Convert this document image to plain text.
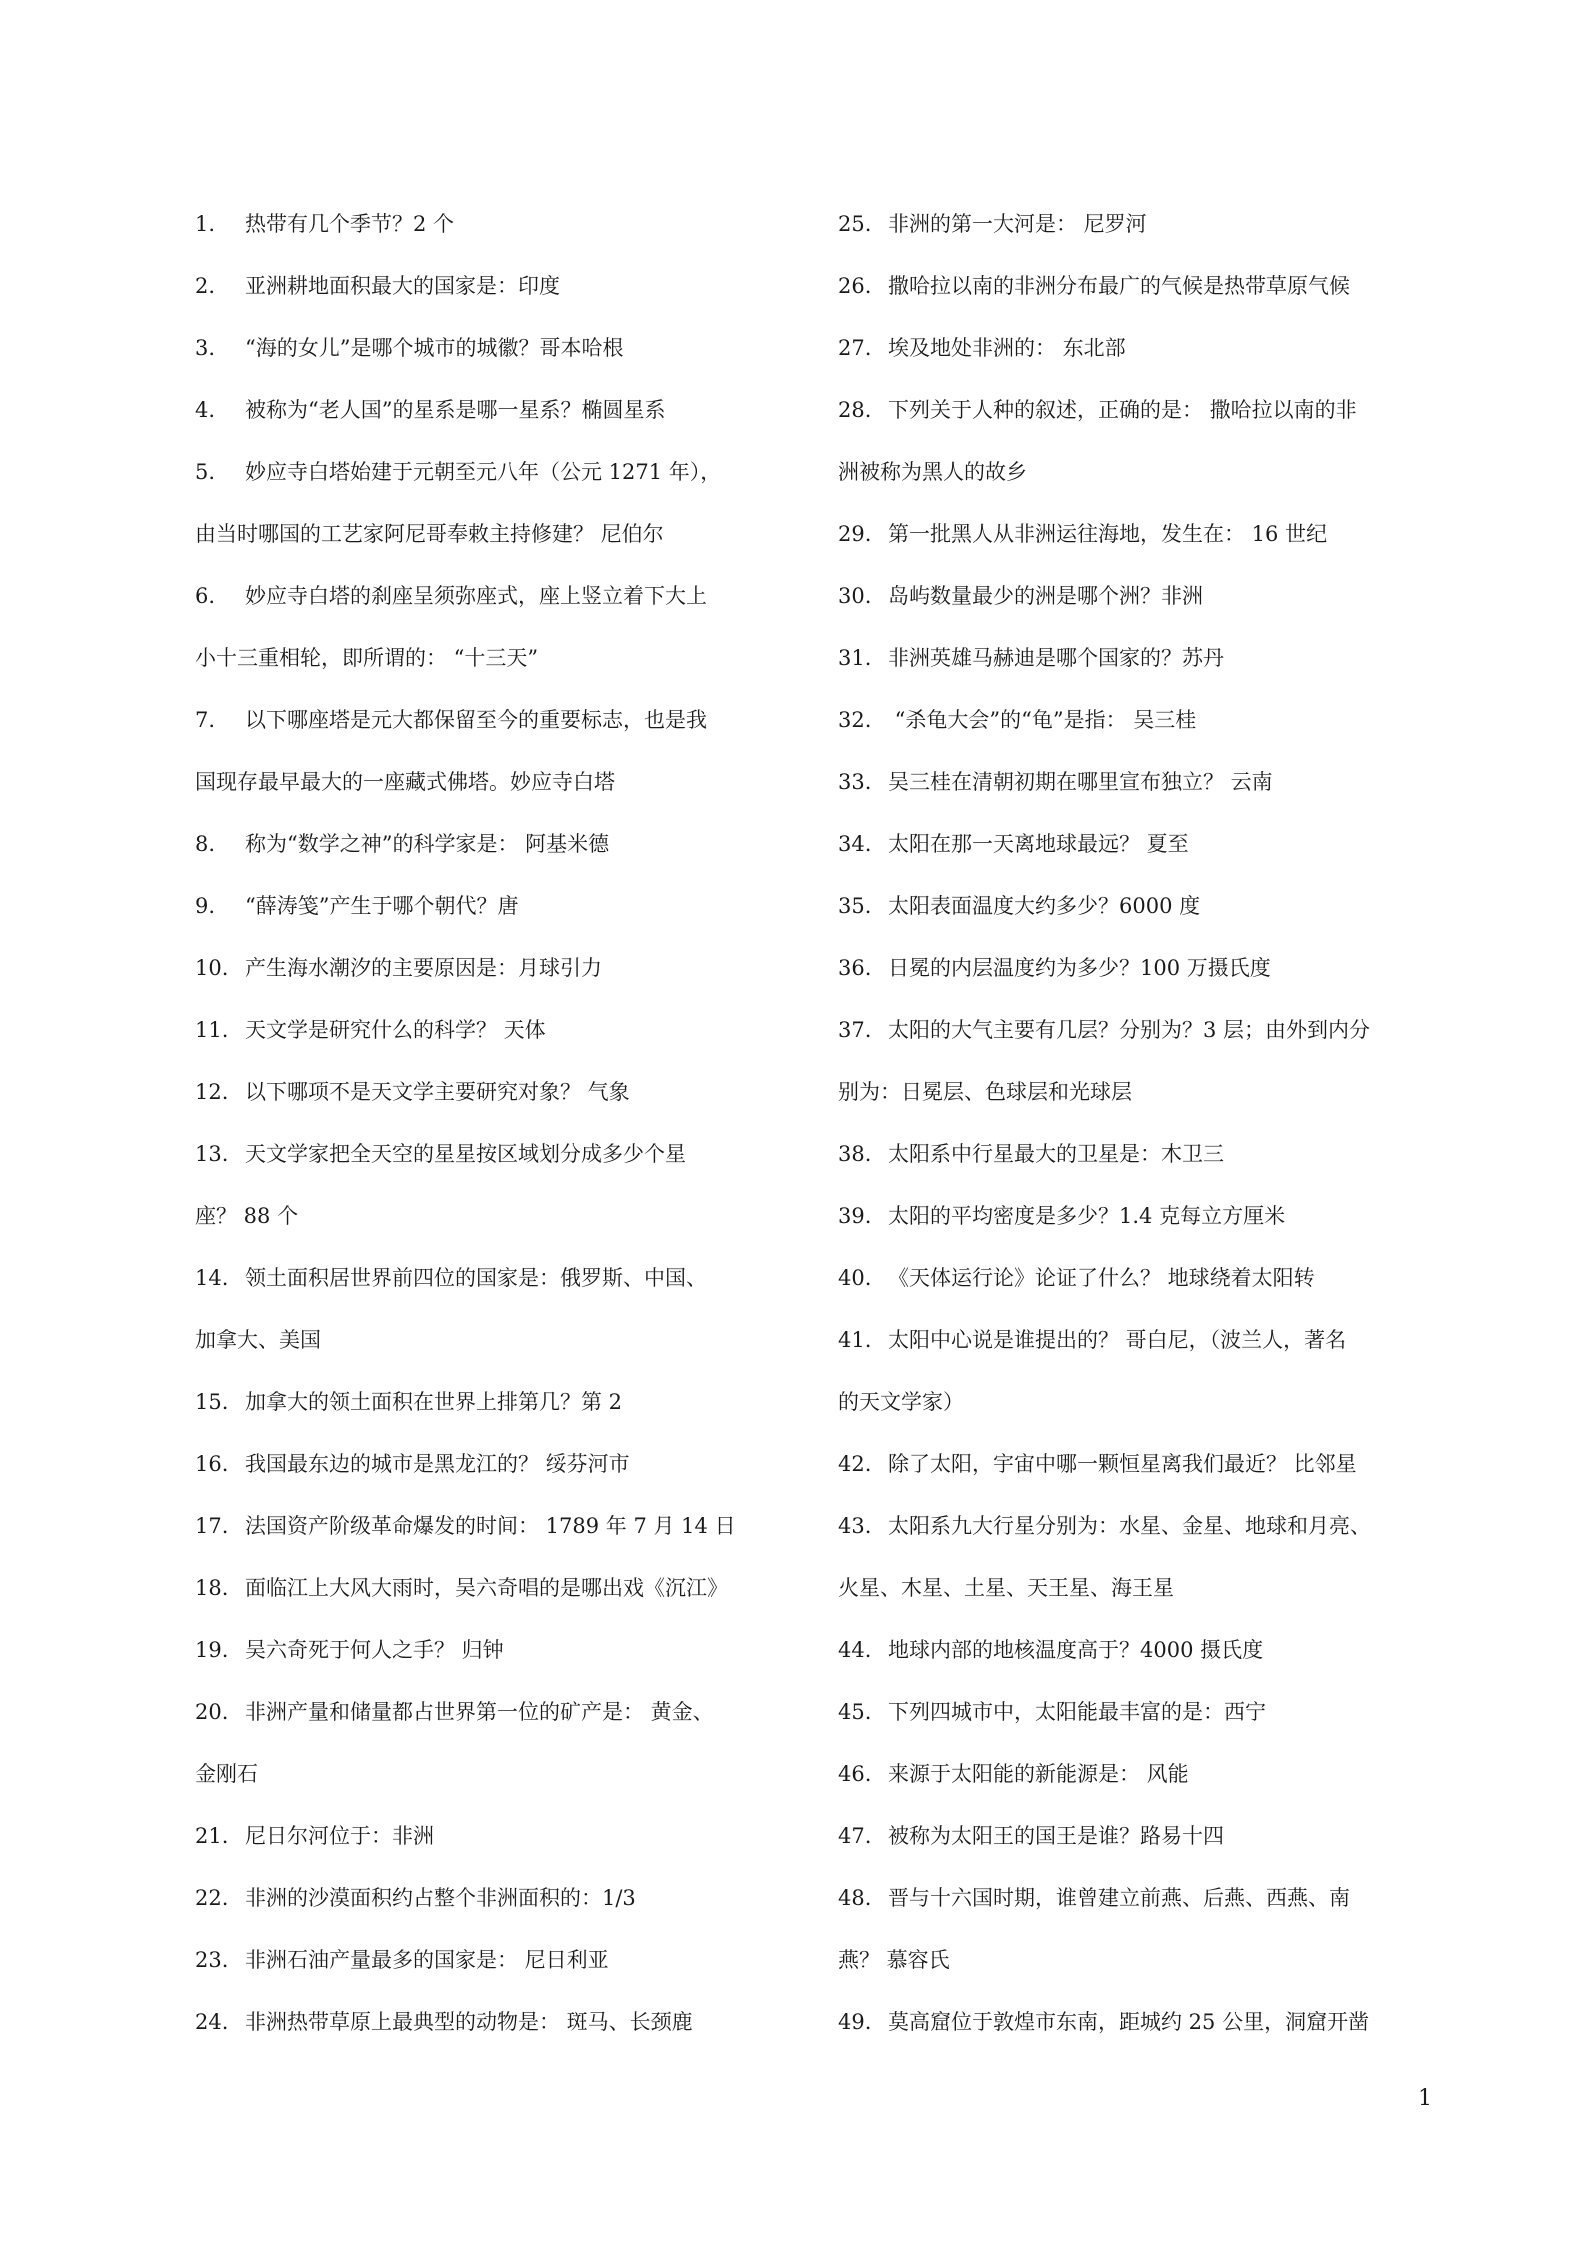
1. 热带有几个季节？2 个
2. 亚洲耕地面积最大的国家是：印度
3. “海的女儿”是哪个城市的城徽？哥本哈根
4. 被称为“老人国”的星系是哪一星系？椭圆星系
5. 妙应寺白塔始建于元朝至元八年（公元 1271 年），
由当时哪国的工艺家阿尼哥奉敕主持修建？ 尼伯尔
6. 妙应寺白塔的刹座呈须弥座式，座上竖立着下大上
小十三重相轮，即所谓的： “十三天”
7. 以下哪座塔是元大都保留至今的重要标志，也是我
国现存最早最大的一座藏式佛塔。妙应寺白塔
8. 称为“数学之神”的科学家是： 阿基米德
9. “薛涛笺”产生于哪个朝代？唐
10. 产生海水潮汐的主要原因是：月球引力
11. 天文学是研究什么的科学？ 天体
12. 以下哪项不是天文学主要研究对象？ 气象
13. 天文学家把全天空的星星按区域划分成多少个星
座？ 88 个
14. 领土面积居世界前四位的国家是：俄罗斯、中国、
加拿大、美国
15. 加拿大的领土面积在世界上排第几？第 2
16. 我国最东边的城市是黑龙江的？ 绥芬河市
17. 法国资产阶级革命爆发的时间： 1789 年 7 月 14 日
18. 面临江上大风大雨时，吴六奇唱的是哪出戏《沉江》
19. 吴六奇死于何人之手？ 归钟
20. 非洲产量和储量都占世界第一位的矿产是： 黄金、
金刚石
21. 尼日尔河位于：非洲
22. 非洲的沙漠面积约占整个非洲面积的：1/3
23. 非洲石油产量最多的国家是： 尼日利亚
24. 非洲热带草原上最典型的动物是： 斑马、长颈鹿
25. 非洲的第一大河是： 尼罗河
26. 撒哈拉以南的非洲分布最广的气候是热带草原气候
27. 埃及地处非洲的： 东北部
28. 下列关于人种的叙述，正确的是： 撒哈拉以南的非
洲被称为黑人的故乡
29. 第一批黑人从非洲运往海地，发生在： 16 世纪
30. 岛屿数量最少的洲是哪个洲？非洲
31. 非洲英雄马赫迪是哪个国家的？苏丹
32. “杀龟大会”的“龟”是指： 吴三桂
33. 吴三桂在清朝初期在哪里宣布独立？ 云南
34. 太阳在那一天离地球最远？ 夏至
35. 太阳表面温度大约多少？6000 度
36. 日冕的内层温度约为多少？100 万摄氏度
37. 太阳的大气主要有几层？分别为？3 层；由外到内分
别为：日冕层、色球层和光球层
38. 太阳系中行星最大的卫星是：木卫三
39. 太阳的平均密度是多少？1.4 克每立方厘米
40. 《天体运行论》论证了什么？ 地球绕着太阳转
41. 太阳中心说是谁提出的？ 哥白尼，（波兰人，著名
的天文学家）
42. 除了太阳，宇宙中哪一颗恒星离我们最近？ 比邻星
43. 太阳系九大行星分别为：水星、金星、地球和月亮、
火星、木星、土星、天王星、海王星
44. 地球内部的地核温度高于？4000 摄氏度
45. 下列四城市中，太阳能最丰富的是：西宁
46. 来源于太阳能的新能源是： 风能
47. 被称为太阳王的国王是谁？路易十四
48. 晋与十六国时期，谁曾建立前燕、后燕、西燕、南
燕？ 慕容氏
49. 莫高窟位于敦煌市东南，距城约 25 公里，洞窟开凿
1
